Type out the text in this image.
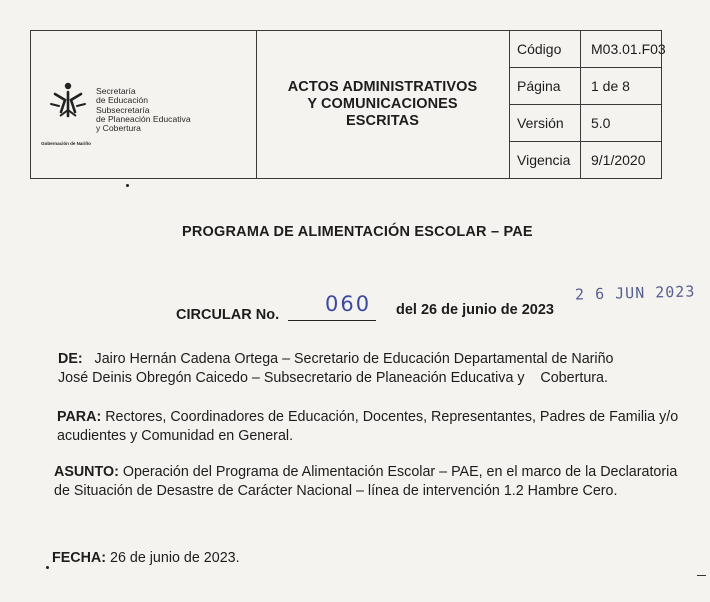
Gobernación de Nariño
Secretaría
de Educación
Subsecretaría
de Planeación Educativa
y Cobertura
ACTOS ADMINISTRATIVOS
Y COMUNICACIONES
ESCRITAS
Código	M03.01.F03
Página	1 de 8
Versión	5.0
Vigencia	9/1/2020
PROGRAMA DE ALIMENTACIÓN ESCOLAR – PAE
CIRCULAR No. 060 del 26 de junio de 2023
2 6 JUN 2023
DE: Jairo Hernán Cadena Ortega – Secretario de Educación Departamental de Nariño
José Deinis Obregón Caicedo – Subsecretario de Planeación Educativa y    Cobertura.
PARA: Rectores, Coordinadores de Educación, Docentes, Representantes, Padres de Familia y/o acudientes y Comunidad en General.
ASUNTO: Operación del Programa de Alimentación Escolar – PAE, en el marco de la Declaratoria de Situación de Desastre de Carácter Nacional – línea de intervención 1.2 Hambre Cero.
FECHA: 26 de junio de 2023.
